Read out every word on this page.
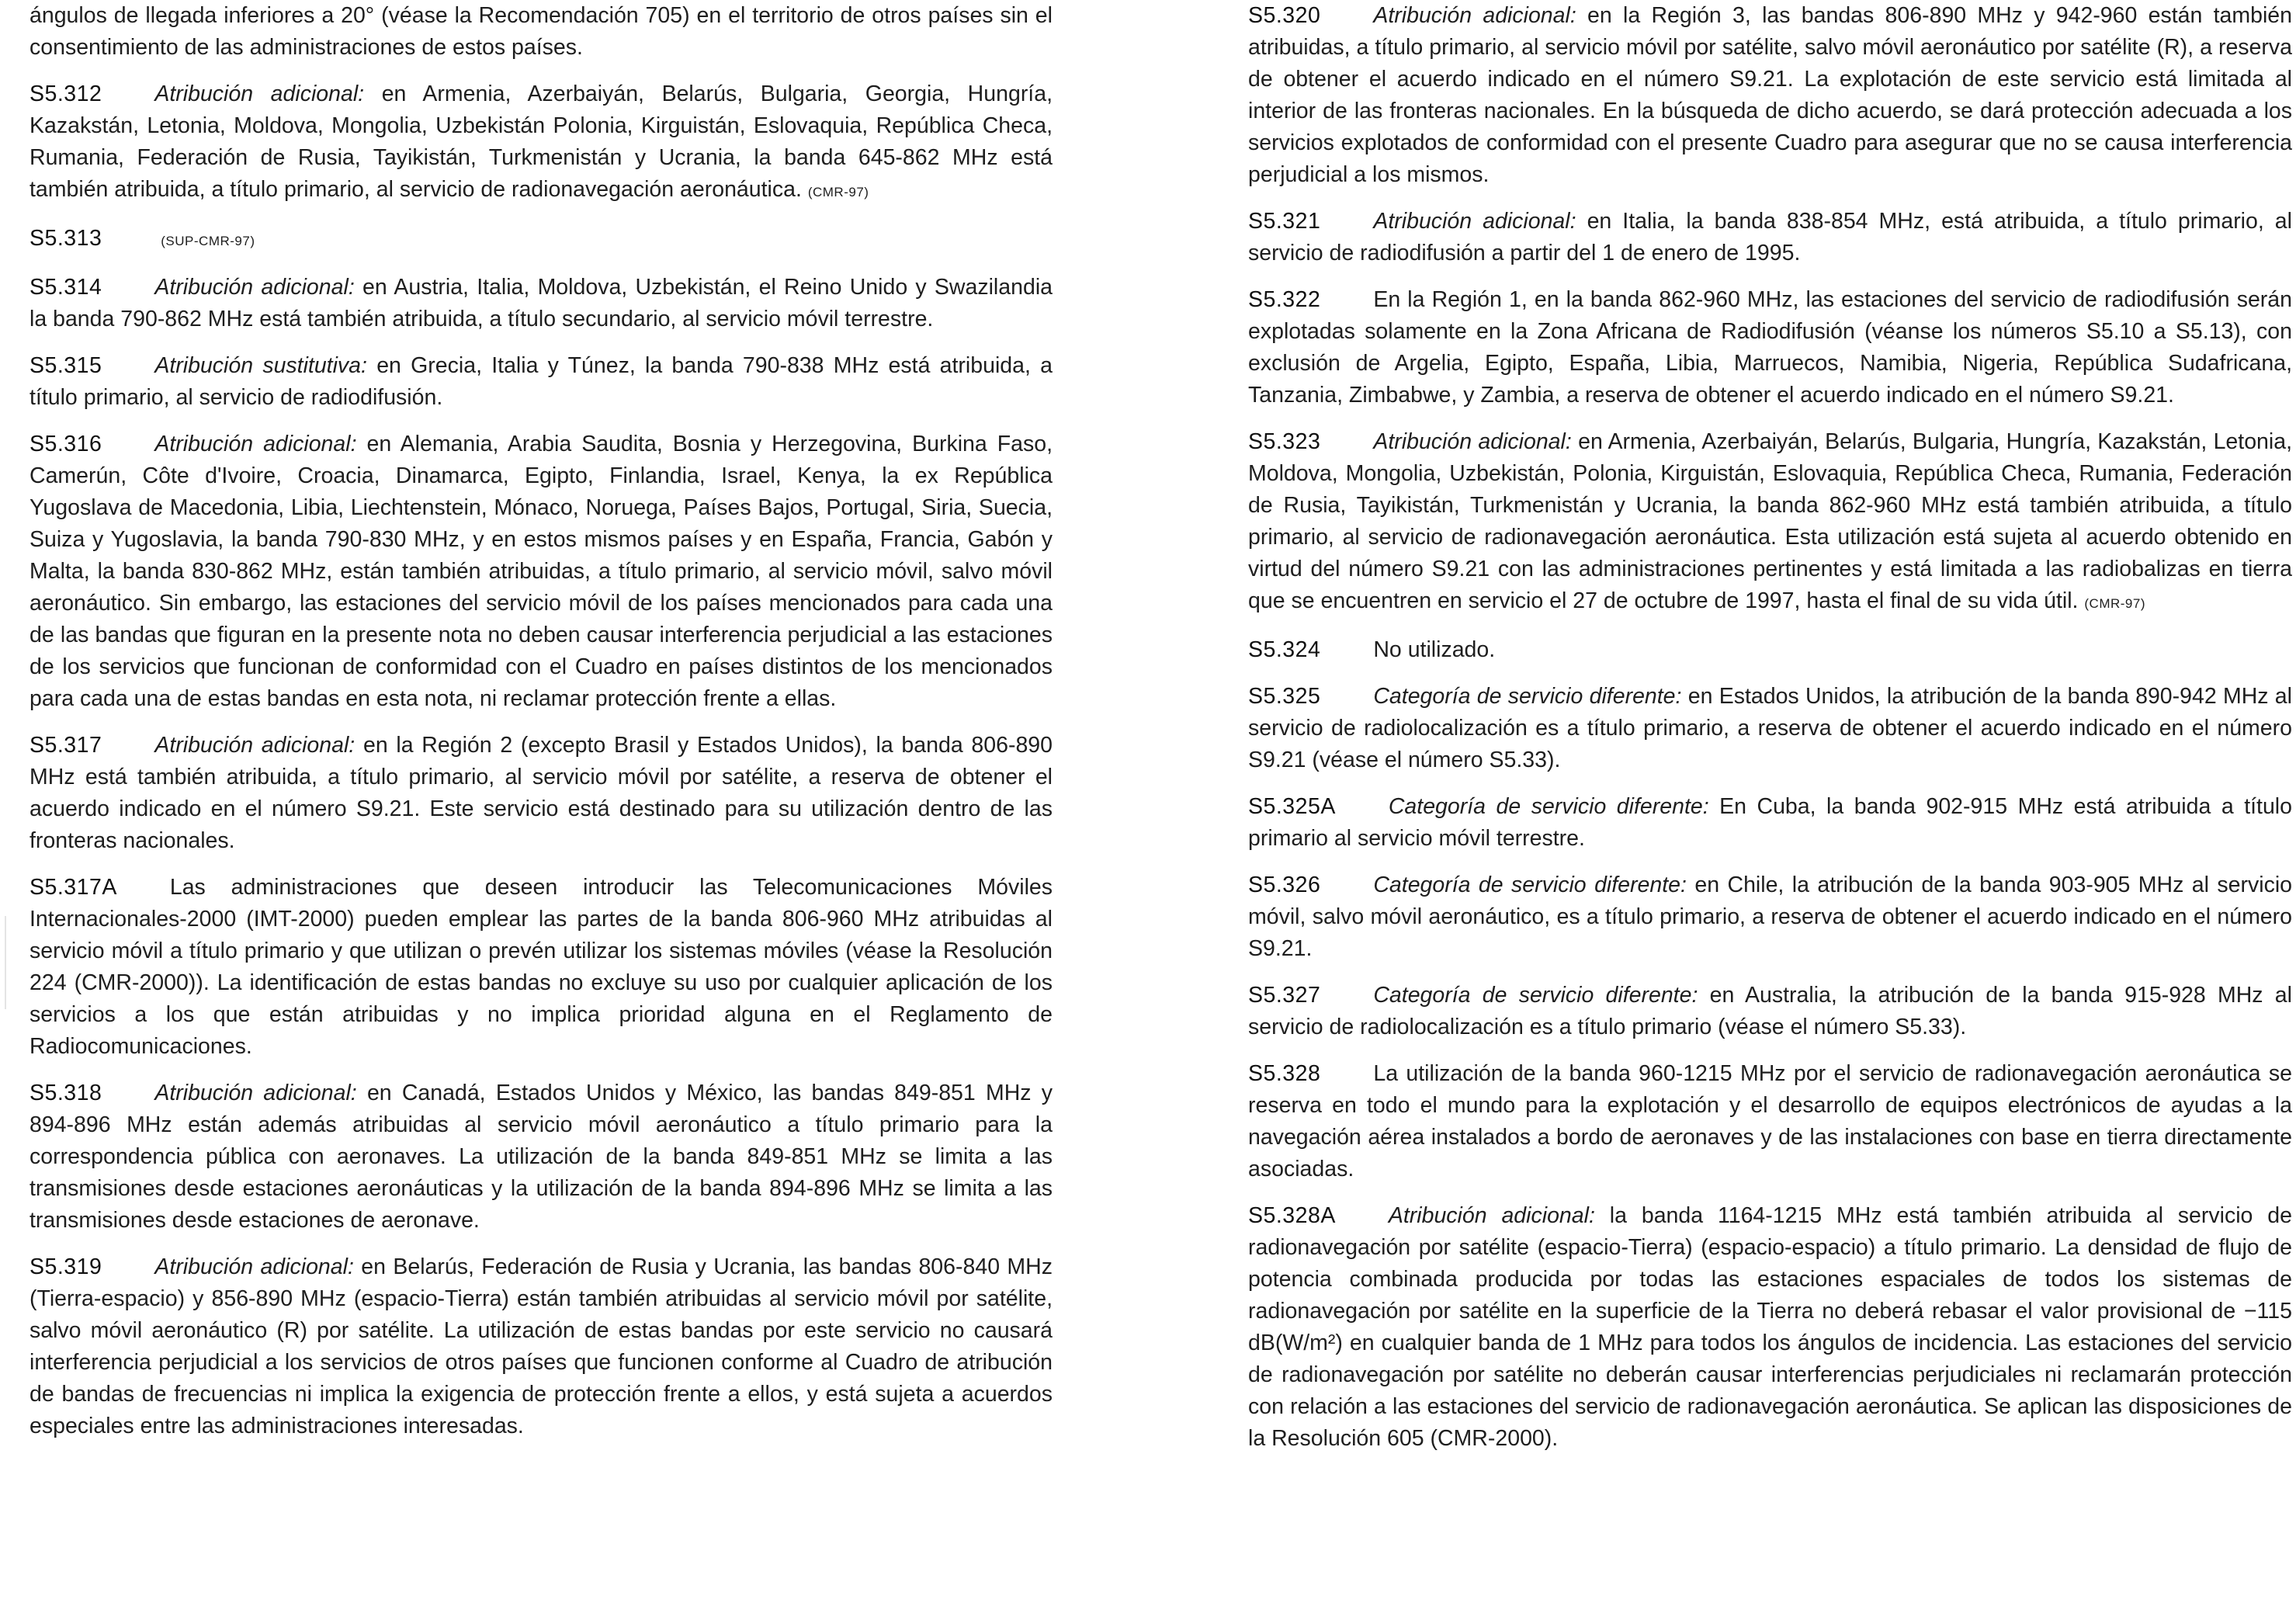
ángulos de llegada inferiores a 20° (véase la Recomendación 705) en el territorio de otros países sin el consentimiento de las administraciones de estos países.

S5.312 Atribución adicional: en Armenia, Azerbaiyán, Belarús, Bulgaria, Georgia, Hungría, Kazakstán, Letonia, Moldova, Mongolia, Uzbekistán Polonia, Kirguistán, Eslovaquia, República Checa, Rumania, Federación de Rusia, Tayikistán, Turkmenistán y Ucrania, la banda 645-862 MHz está también atribuida, a título primario, al servicio de radionavegación aeronáutica. (CMR-97)

S5.313	(SUP-CMR-97)

S5.314 Atribución adicional: en Austria, Italia, Moldova, Uzbekistán, el Reino Unido y Swazilandia la banda 790-862 MHz está también atribuida, a título secundario, al servicio móvil terrestre.

S5.315 Atribución sustitutiva: en Grecia, Italia y Túnez, la banda 790-838 MHz está atribuida, a título primario, al servicio de radiodifusión.

S5.316 Atribución adicional: en Alemania, Arabia Saudita, Bosnia y Herzegovina, Burkina Faso, Camerún, Côte d'Ivoire, Croacia, Dinamarca, Egipto, Finlandia, Israel, Kenya, la ex República Yugoslava de Macedonia, Libia, Liechtenstein, Mónaco, Noruega, Países Bajos, Portugal, Siria, Suecia, Suiza y Yugoslavia, la banda 790-830 MHz, y en estos mismos países y en España, Francia, Gabón y Malta, la banda 830-862 MHz, están también atribuidas, a título primario, al servicio móvil, salvo móvil aeronáutico. Sin embargo, las estaciones del servicio móvil de los países mencionados para cada una de las bandas que figuran en la presente nota no deben causar interferencia perjudicial a las estaciones de los servicios que funcionan de conformidad con el Cuadro en países distintos de los mencionados para cada una de estas bandas en esta nota, ni reclamar protección frente a ellas.

S5.317 Atribución adicional: en la Región 2 (excepto Brasil y Estados Unidos), la banda 806-890 MHz está también atribuida, a título primario, al servicio móvil por satélite, a reserva de obtener el acuerdo indicado en el número S9.21. Este servicio está destinado para su utilización dentro de las fronteras nacionales.

S5.317A Las administraciones que deseen introducir las Telecomunicaciones Móviles Internacionales-2000 (IMT-2000) pueden emplear las partes de la banda 806-960 MHz atribuidas al servicio móvil a título primario y que utilizan o prevén utilizar los sistemas móviles (véase la Resolución 224 (CMR-2000)). La identificación de estas bandas no excluye su uso por cualquier aplicación de los servicios a los que están atribuidas y no implica prioridad alguna en el Reglamento de Radiocomunicaciones.

S5.318 Atribución adicional: en Canadá, Estados Unidos y México, las bandas 849-851 MHz y 894-896 MHz están además atribuidas al servicio móvil aeronáutico a título primario para la correspondencia pública con aeronaves. La utilización de la banda 849-851 MHz se limita a las transmisiones desde estaciones aeronáuticas y la utilización de la banda 894-896 MHz se limita a las transmisiones desde estaciones de aeronave.

S5.319 Atribución adicional: en Belarús, Federación de Rusia y Ucrania, las bandas 806-840 MHz (Tierra-espacio) y 856-890 MHz (espacio-Tierra) están también atribuidas al servicio móvil por satélite, salvo móvil aeronáutico (R) por satélite. La utilización de estas bandas por este servicio no causará interferencia perjudicial a los servicios de otros países que funcionen conforme al Cuadro de atribución de bandas de frecuencias ni implica la exigencia de protección frente a ellos, y está sujeta a acuerdos especiales entre las administraciones interesadas.

S5.320 Atribución adicional: en la Región 3, las bandas 806-890 MHz y 942-960 están también atribuidas, a título primario, al servicio móvil por satélite, salvo móvil aeronáutico por satélite (R), a reserva de obtener el acuerdo indicado en el número S9.21. La explotación de este servicio está limitada al interior de las fronteras nacionales. En la búsqueda de dicho acuerdo, se dará protección adecuada a los servicios explotados de conformidad con el presente Cuadro para asegurar que no se causa interferencia perjudicial a los mismos.

S5.321 Atribución adicional: en Italia, la banda 838-854 MHz, está atribuida, a título primario, al servicio de radiodifusión a partir del 1 de enero de 1995.

S5.322 En la Región 1, en la banda 862-960 MHz, las estaciones del servicio de radiodifusión serán explotadas solamente en la Zona Africana de Radiodifusión (véanse los números S5.10 a S5.13), con exclusión de Argelia, Egipto, España, Libia, Marruecos, Namibia, Nigeria, República Sudafricana, Tanzania, Zimbabwe, y Zambia, a reserva de obtener el acuerdo indicado en el número S9.21.

S5.323 Atribución adicional: en Armenia, Azerbaiyán, Belarús, Bulgaria, Hungría, Kazakstán, Letonia, Moldova, Mongolia, Uzbekistán, Polonia, Kirguistán, Eslovaquia, República Checa, Rumania, Federación de Rusia, Tayikistán, Turkmenistán y Ucrania, la banda 862-960 MHz está también atribuida, a título primario, al servicio de radionavegación aeronáutica. Esta utilización está sujeta al acuerdo obtenido en virtud del número S9.21 con las administraciones pertinentes y está limitada a las radiobalizas en tierra que se encuentren en servicio el 27 de octubre de 1997, hasta el final de su vida útil. (CMR-97)

S5.324 No utilizado.

S5.325 Categoría de servicio diferente: en Estados Unidos, la atribución de la banda 890-942 MHz al servicio de radiolocalización es a título primario, a reserva de obtener el acuerdo indicado en el número S9.21 (véase el número S5.33).

S5.325A Categoría de servicio diferente: En Cuba, la banda 902-915 MHz está atribuida a título primario al servicio móvil terrestre.

S5.326 Categoría de servicio diferente: en Chile, la atribución de la banda 903-905 MHz al servicio móvil, salvo móvil aeronáutico, es a título primario, a reserva de obtener el acuerdo indicado en el número S9.21.

S5.327 Categoría de servicio diferente: en Australia, la atribución de la banda 915-928 MHz al servicio de radiolocalización es a título primario (véase el número S5.33).

S5.328 La utilización de la banda 960-1215 MHz por el servicio de radionavegación aeronáutica se reserva en todo el mundo para la explotación y el desarrollo de equipos electrónicos de ayudas a la navegación aérea instalados a bordo de aeronaves y de las instalaciones con base en tierra directamente asociadas.

S5.328A Atribución adicional: la banda 1164-1215 MHz está también atribuida al servicio de radionavegación por satélite (espacio-Tierra) (espacio-espacio) a título primario. La densidad de flujo de potencia combinada producida por todas las estaciones espaciales de todos los sistemas de radionavegación por satélite en la superficie de la Tierra no deberá rebasar el valor provisional de −115 dB(W/m²) en cualquier banda de 1 MHz para todos los ángulos de incidencia. Las estaciones del servicio de radionavegación por satélite no deberán causar interferencias perjudiciales ni reclamarán protección con relación a las estaciones del servicio de radionavegación aeronáutica. Se aplican las disposiciones de la Resolución 605 (CMR-2000).
